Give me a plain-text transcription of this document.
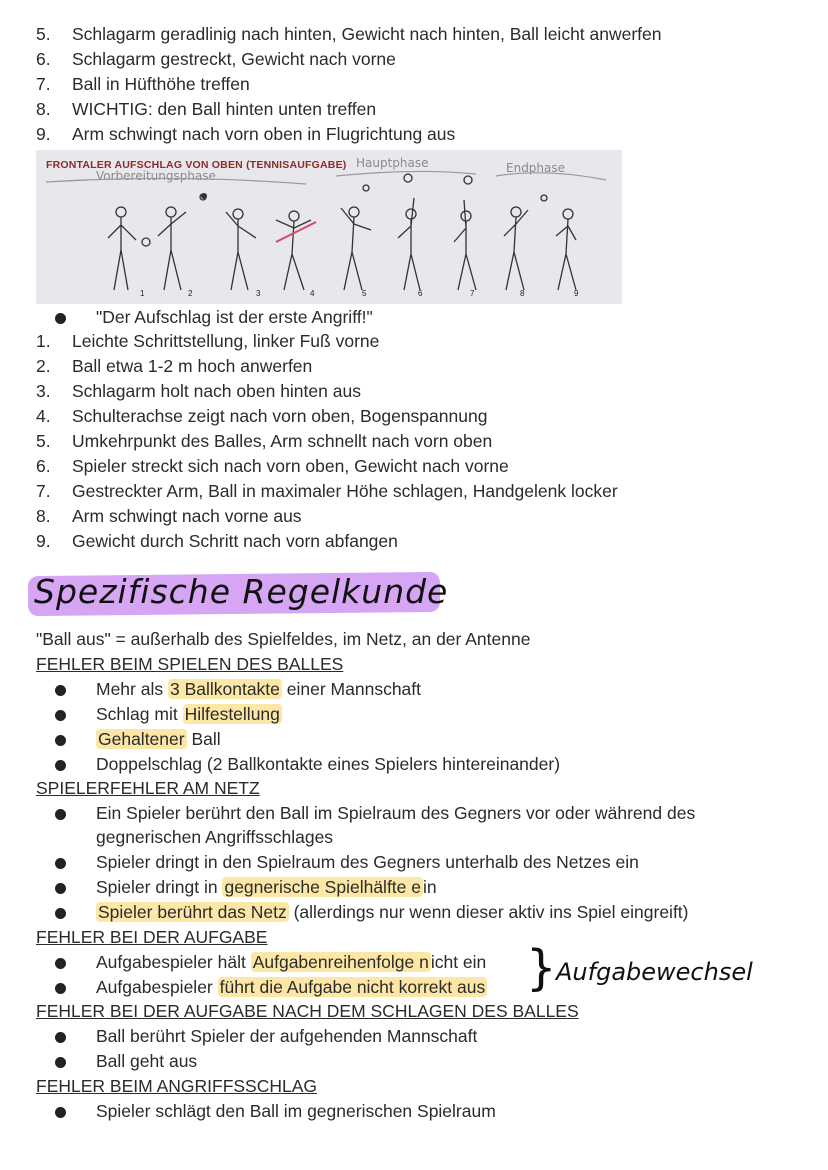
5.	Schlagarm geradlinig nach hinten, Gewicht nach hinten, Ball leicht anwerfen
6.	Schlagarm gestreckt, Gewicht nach vorne
7.	Ball in Hüfthöhe treffen
8.	WICHTIG: den Ball hinten unten treffen
9.	Arm schwingt nach vorn oben in Flugrichtung aus
FRONTALER AUFSCHLAG VON OBEN (TENNISAUFGABE)
Vorbereitungsphase
Hauptphase	Endphase
1	2	3	4	5	6	7	8	9
"Der Aufschlag ist der erste Angriff!"
1.	Leichte Schrittstellung, linker Fuß vorne
2.	Ball etwa 1-2 m hoch anwerfen
3.	Schlagarm holt nach oben hinten aus
4.	Schulterachse zeigt nach vorn oben, Bogenspannung
5.	Umkehrpunkt des Balles, Arm schnellt nach vorn oben
6.	Spieler streckt sich nach vorn oben, Gewicht nach vorne
7.	Gestreckter Arm, Ball in maximaler Höhe schlagen, Handgelenk locker
8.	Arm schwingt nach vorne aus
9.	Gewicht durch Schritt nach vorn abfangen
Spezifische Regelkunde
"Ball aus" = außerhalb des Spielfeldes, im Netz, an der Antenne
FEHLER BEIM SPIELEN DES BALLES
Mehr als 3 Ballkontakte einer Mannschaft
Schlag mit Hilfestellung
Gehaltener Ball
Doppelschlag (2 Ballkontakte eines Spielers hintereinander)
SPIELERFEHLER AM NETZ
Ein Spieler berührt den Ball im Spielraum des Gegners vor oder während des
gegnerischen Angriffsschlages
Spieler dringt in den Spielraum des Gegners unterhalb des Netzes ein
Spieler dringt in gegnerische Spielhälfte e in
Spieler berührt das Netz (allerdings nur wenn dieser aktiv ins Spiel eingreift)
FEHLER BEI DER AUFGABE
Aufgabespieler hält Aufgabenreihenfolge n icht ein
Aufgabespieler führt die Aufgabe nicht korrekt aus } Aufgabewechsel
FEHLER BEI DER AUFGABE NACH DEM SCHLAGEN DES BALLES
Ball berührt Spieler der aufgehenden Mannschaft
Ball geht aus
FEHLER BEIM ANGRIFFSSCHLAG
Spieler schlägt den Ball im gegnerischen Spielraum
